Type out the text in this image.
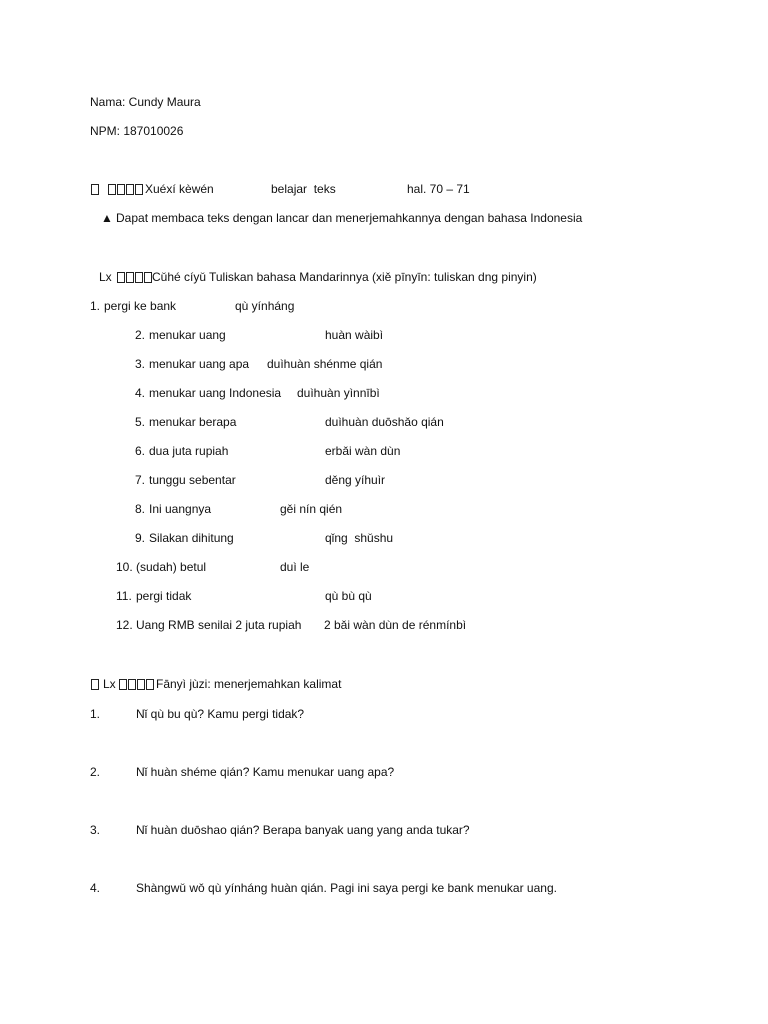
Nama: Cundy Maura
NPM: 187010026
Xuéxí kèwén	belajar  teks	hal. 70 – 71
▲ Dapat membaca teks dengan lancar dan menerjemahkannya dengan bahasa Indonesia
Lx	Cǔhé cíyǔ Tuliskan bahasa Mandarinnya (xiě pīnyīn: tuliskan dng pinyin)
1. pergi ke bank	qù yínháng
2. menukar uang	huàn wàibì
3. menukar uang apa duìhuàn shénme qián
4. menukar uang Indonesia duìhuàn yìnnībì
5. menukar berapa	duìhuàn duōshǎo qián
6. dua juta rupiah	erbǎi wàn dùn
7. tunggu sebentar	děng yíhuìr
8. Ini uangnya	gěi nín qién
9. Silakan dihitung	qǐng  shǔshu
10. (sudah) betul	duì le
11. pergi tidak	qù bù qù
12. Uang RMB senilai 2 juta rupiah 2 bǎi wàn dùn de rénmínbì
Lx	Fānyì jùzi: menerjemahkan kalimat
1.	Nǐ qù bu qù? Kamu pergi tidak?
2.	Nǐ huàn shéme qián? Kamu menukar uang apa?
3.	Nǐ huàn duōshao qián? Berapa banyak uang yang anda tukar?
4.	Shàngwǔ wǒ qù yínháng huàn qián. Pagi ini saya pergi ke bank menukar uang.
